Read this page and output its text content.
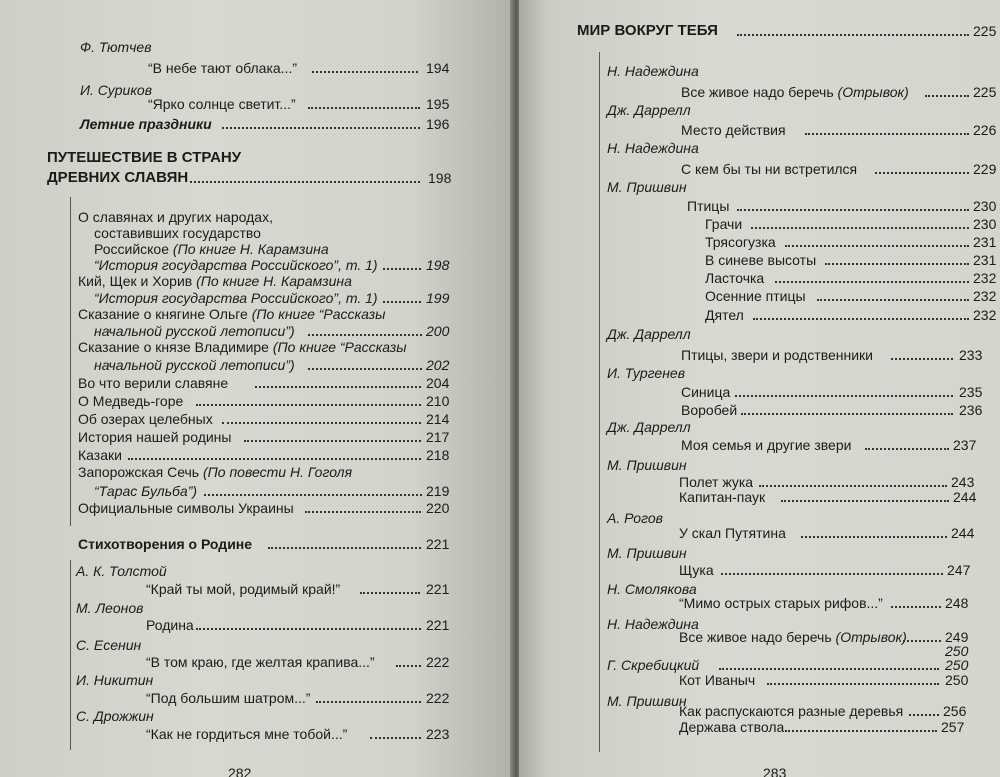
Ф. Тютчев
“В небе тают облака...”	194
И. Суриков
“Ярко солнце светит...”	195
Летние праздники	196
ПУТЕШЕСТВИЕ В СТРАНУ
ДРЕВНИХ СЛАВЯН	198
О славянах и других народах,
составивших государство
Российское (По книге Н. Карамзина
“История государства Российского”, т. 1)	198
Кий, Щек и Хорив (По книге Н. Карамзина
“История государства Российского”, т. 1)	199
Сказание о княгине Ольге (По книге “Рассказы
начальной русской летописи”)	200
Сказание о князе Владимире (По книге “Рассказы
начальной русской летописи”)	202
Во что верили славяне	204
О Медведь-горе	210
Об озерах целебных	214
История нашей родины	217
Казаки	218
Запорожская Сечь (По повести Н. Гоголя
“Тарас Бульба”)	219
Официальные символы Украины	220
Стихотворения о Родине	221
А. К. Толстой
“Край ты мой, родимый край!”	221
М. Леонов
Родина	221
С. Есенин
“В том краю, где желтая крапива...”	222
И. Никитин
“Под большим шатром...”	222
С. Дрожжин
“Как не гордиться мне тобой...”	223
282
МИР ВОКРУГ ТЕБЯ	225
Н. Надеждина
Все живое надо беречь (Отрывок)	225
Дж. Даррелл
Место действия	226
Н. Надеждина
С кем бы ты ни встретился	229
М. Пришвин
Птицы	230
Грачи	230
Трясогузка	231
В синеве высоты	231
Ласточка	232
Осенние птицы	232
Дятел	232
Дж. Даррелл
Птицы, звери и родственники	233
И. Тургенев
Синица	235
Воробей	236
Дж. Даррелл
Моя семья и другие звери	237
М. Пришвин
Полет жука	243
Капитан-паук	244
А. Рогов
У скал Путятина	244
М. Пришвин
Щука	247
Н. Смолякова
“Мимо острых старых рифов...”	248
Н. Надеждина
Все живое надо беречь (Отрывок)	249
250
Г. Скребицкий	250
Кот Иваныч	250
М. Пришвин
Как распускаются разные деревья	256
Держава ствола	257
283
